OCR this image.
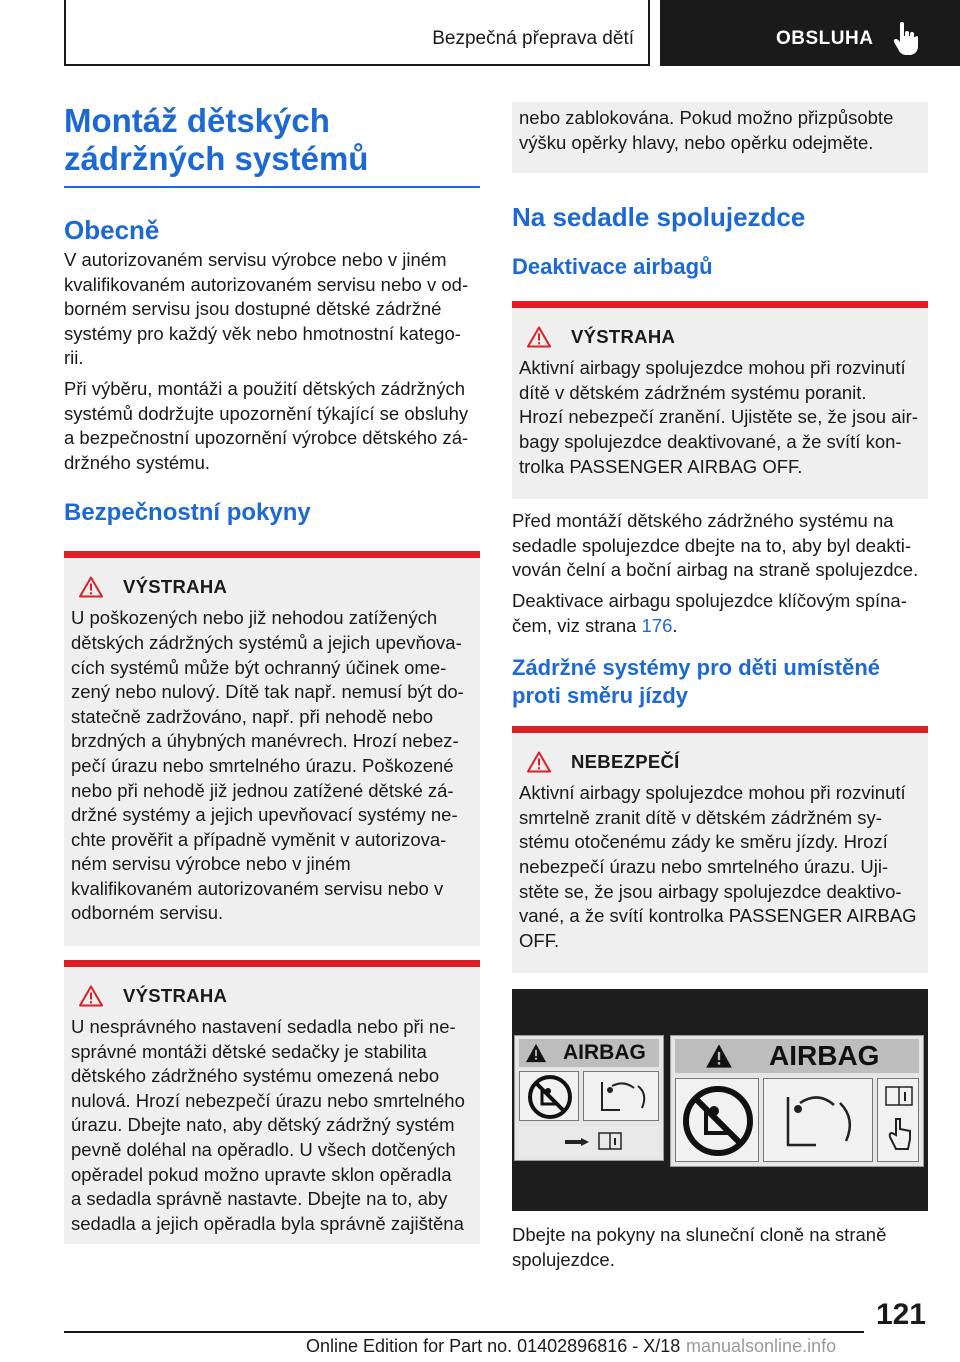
Bezpečná přeprava dětí	OBSLUHA
Montáž dětských
zádržných systémů
Obecně
V autorizovaném servisu výrobce nebo v jiném
kvalifikovaném autorizovaném servisu nebo v od‐
borném servisu jsou dostupné dětské zádržné
systémy pro každý věk nebo hmotnostní katego‐
rii.
Při výběru, montáži a použití dětských zádržných
systémů dodržujte upozornění týkající se obsluhy
a bezpečnostní upozornění výrobce dětského zá‐
držného systému.
Bezpečnostní pokyny
VÝSTRAHA
U poškozených nebo již nehodou zatížených
dětských zádržných systémů a jejich upevňova‐
cích systémů může být ochranný účinek ome‐
zený nebo nulový. Dítě tak např. nemusí být do‐
statečně zadržováno, např. při nehodě nebo
brzdných a úhybných manévrech. Hrozí nebez‐
pečí úrazu nebo smrtelného úrazu. Poškozené
nebo při nehodě již jednou zatížené dětské zá‐
držné systémy a jejich upevňovací systémy ne‐
chte prověřit a případně vyměnit v autorizova‐
ném servisu výrobce nebo v jiném
kvalifikovaném autorizovaném servisu nebo v
odborném servisu.
VÝSTRAHA
U nesprávného nastavení sedadla nebo při ne‐
správné montáži dětské sedačky je stabilita
dětského zádržného systému omezená nebo
nulová. Hrozí nebezpečí úrazu nebo smrtelného
úrazu. Dbejte nato, aby dětský zádržný systém
pevně doléhal na opěradlo. U všech dotčených
opěradel pokud možno upravte sklon opěradla
a sedadla správně nastavte. Dbejte na to, aby
sedadla a jejich opěradla byla správně zajištěna
nebo zablokována. Pokud možno přizpůsobte
výšku opěrky hlavy, nebo opěrku odejměte.
Na sedadle spolujezdce
Deaktivace airbagů
VÝSTRAHA
Aktivní airbagy spolujezdce mohou při rozvinutí
dítě v dětském zádržném systému poranit.
Hrozí nebezpečí zranění. Ujistěte se, že jsou air‐
bagy spolujezdce deaktivované, a že svítí kon‐
trolka PASSENGER AIRBAG OFF.
Před montáží dětského zádržného systému na
sedadle spolujezdce dbejte na to, aby byl deakti‐
vován čelní a boční airbag na straně spolujezdce.
Deaktivace airbagu spolujezdce klíčovým spína‐
čem, viz strana 176.
Zádržné systémy pro děti umístěné
proti směru jízdy
NEBEZPEČÍ
Aktivní airbagy spolujezdce mohou při rozvinutí
smrtelně zranit dítě v dětském zádržném sy‐
stému otočenému zády ke směru jízdy. Hrozí
nebezpečí úrazu nebo smrtelného úrazu. Uji‐
stěte se, že jsou airbagy spolujezdce deaktivo‐
vané, a že svítí kontrolka PASSENGER AIRBAG
OFF.
AIRBAG	AIRBAG
Dbejte na pokyny na sluneční cloně na straně
spolujezdce.
121
Online Edition for Part no. 01402896816 - X/18 manualsonline.info
